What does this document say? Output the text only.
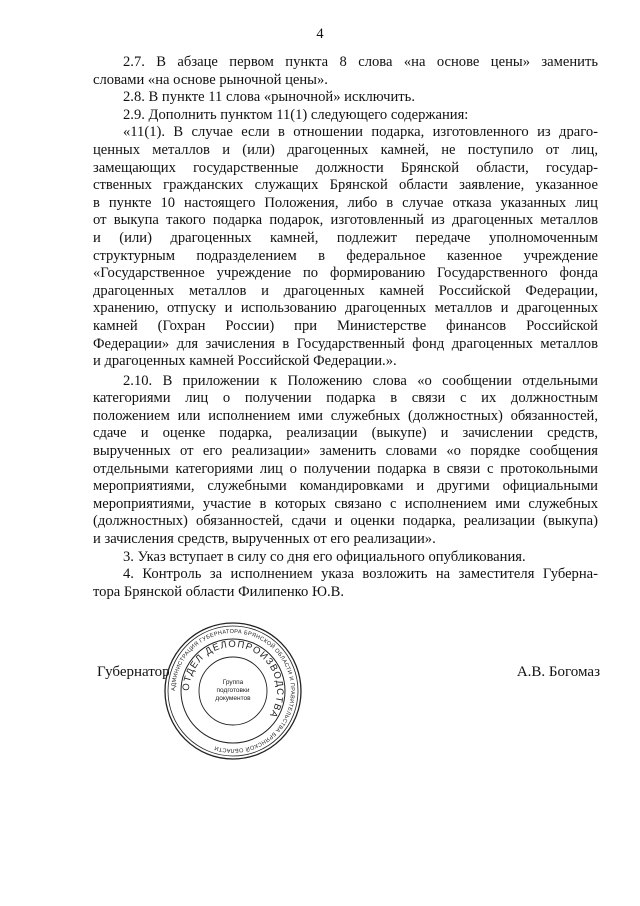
4
2.7. В абзаце первом пункта 8 слова «на основе цены» заменить
словами «на основе рыночной цены».
2.8. В пункте 11 слова «рыночной» исключить.
2.9. Дополнить пунктом 11(1) следующего содержания:
«11(1). В случае если в отношении подарка, изготовленного из драго-
ценных металлов и (или) драгоценных камней, не поступило от лиц,
замещающих государственные должности Брянской области, государ-
ственных гражданских служащих Брянской области заявление, указанное
в пункте 10 настоящего Положения, либо в случае отказа указанных лиц
от выкупа такого подарка подарок, изготовленный из драгоценных металлов
и (или) драгоценных камней, подлежит передаче уполномоченным
структурным подразделением в федеральное казенное учреждение
«Государственное учреждение по формированию Государственного фонда
драгоценных металлов и драгоценных камней Российской Федерации,
хранению, отпуску и использованию драгоценных металлов и драгоценных
камней (Гохран России) при Министерстве финансов Российской
Федерации» для зачисления в Государственный фонд драгоценных металлов
и драгоценных камней Российской Федерации.».
2.10. В приложении к Положению слова «о сообщении отдельными
категориями лиц о получении подарка в связи с их должностным
положением или исполнением ими служебных (должностных) обязанностей,
сдаче и оценке подарка, реализации (выкупе) и зачислении средств,
вырученных от его реализации» заменить словами «о порядке сообщения
отдельными категориями лиц о получении подарка в связи с протокольными
мероприятиями, служебными командировками и другими официальными
мероприятиями, участие в которых связано с исполнением ими служебных
(должностных) обязанностей, сдачи и оценки подарка, реализации (выкупа)
и зачисления средств, вырученных от его реализации».
3. Указ вступает в силу со дня его официального опубликования.
4. Контроль за исполнением указа возложить на заместителя Губерна-
тора Брянской области Филипенко Ю.В.
АДМИНИСТРАЦИЯ ГУБЕРНАТОРА БРЯНСКОЙ ОБЛАСТИ И ПРАВИТЕЛЬСТВА БРЯНСКОЙ ОБЛАСТИ
ОТДЕЛ ДЕЛОПРОИЗВОДСТВА
Группа подготовки документов
Губернатор	А.В. Богомаз
